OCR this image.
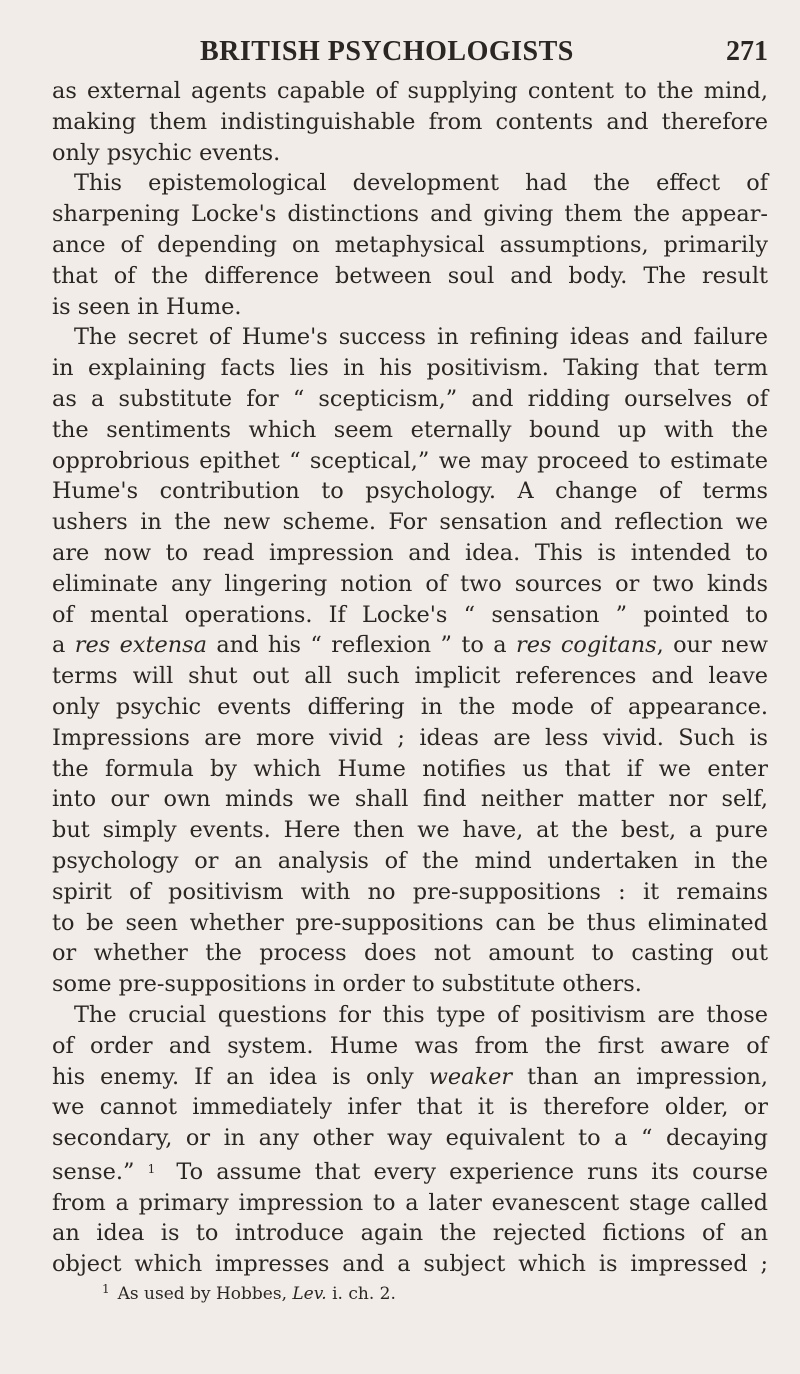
BRITISH PSYCHOLOGISTS	271
as external agents capable of supplying content to the mind,
making them indistinguishable from contents and therefore
only psychic events.
This epistemological development had the effect of
sharpening Locke's distinctions and giving them the appear-
ance of depending on metaphysical assumptions, primarily
that of the difference between soul and body. The result
is seen in Hume.
The secret of Hume's success in refining ideas and failure
in explaining facts lies in his positivism. Taking that term
as a substitute for “ scepticism,” and ridding ourselves of
the sentiments which seem eternally bound up with the
opprobrious epithet “ sceptical,” we may proceed to estimate
Hume's contribution to psychology. A change of terms
ushers in the new scheme. For sensation and reflection we
are now to read impression and idea. This is intended to
eliminate any lingering notion of two sources or two kinds
of mental operations. If Locke's “ sensation ” pointed to
a res extensa and his “ reflexion ” to a res cogitans, our new
terms will shut out all such implicit references and leave
only psychic events differing in the mode of appearance.
Impressions are more vivid ; ideas are less vivid. Such is
the formula by which Hume notifies us that if we enter
into our own minds we shall find neither matter nor self,
but simply events. Here then we have, at the best, a pure
psychology or an analysis of the mind undertaken in the
spirit of positivism with no pre-suppositions : it remains
to be seen whether pre-suppositions can be thus eliminated
or whether the process does not amount to casting out
some pre-suppositions in order to substitute others.
The crucial questions for this type of positivism are those
of order and system. Hume was from the first aware of
his enemy. If an idea is only weaker than an impression,
we cannot immediately infer that it is therefore older, or
secondary, or in any other way equivalent to a “ decaying
sense.” $^1$ To assume that every experience runs its course
from a primary impression to a later evanescent stage called
an idea is to introduce again the rejected fictions of an
object which impresses and a subject which is impressed ;
$^1$ As used by Hobbes, Lev. i. ch. 2.
